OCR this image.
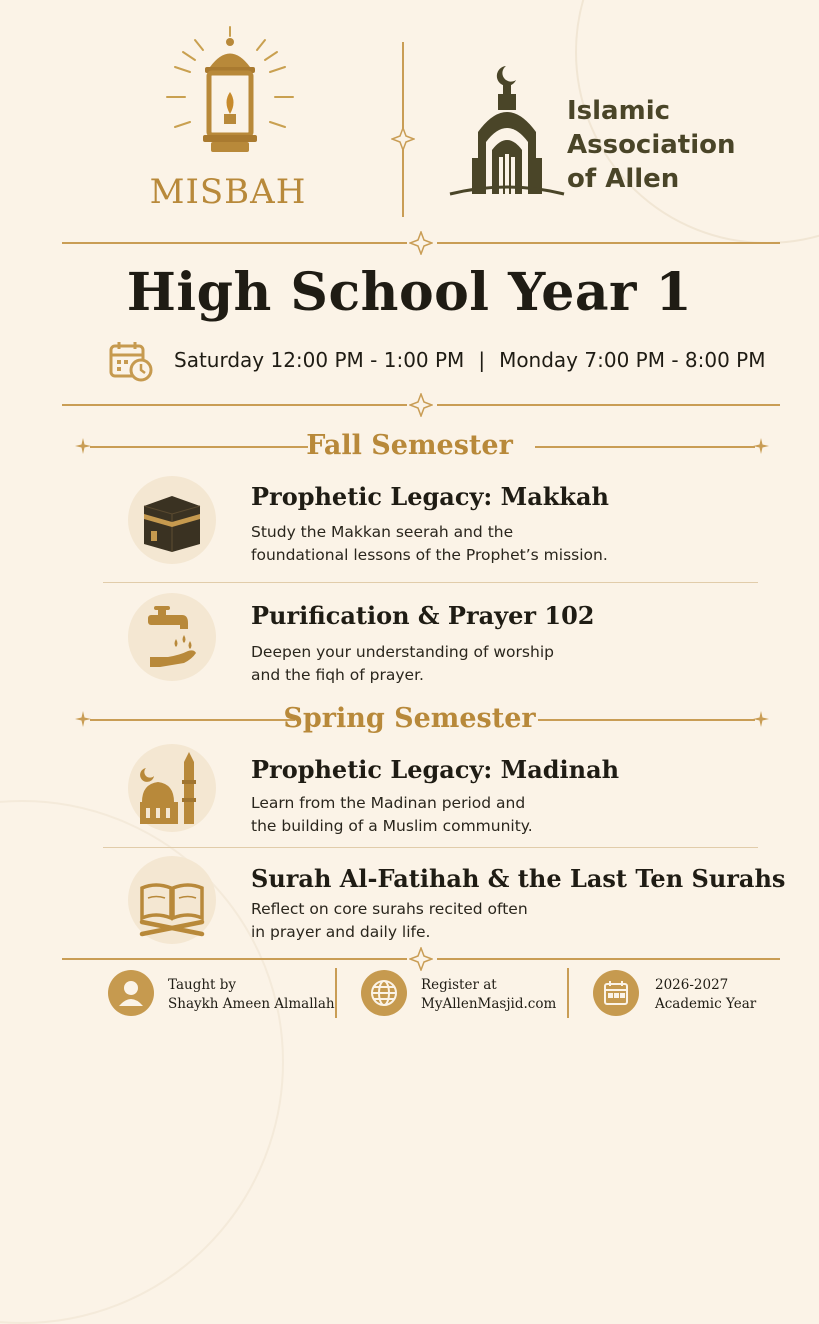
MISBAH
Islamic
Association
of Allen
High School Year 1
Saturday 12:00 PM - 1:00 PM | Monday 7:00 PM - 8:00 PM
Fall Semester
Prophetic Legacy: Makkah
Study the Makkan seerah and the
foundational lessons of the Prophet’s mission.
Purification & Prayer 102
Deepen your understanding of worship
and the fiqh of prayer.
Spring Semester
Prophetic Legacy: Madinah
Learn from the Madinan period and
the building of a Muslim community.
Surah Al-Fatihah & the Last Ten Surahs
Reflect on core surahs recited often
in prayer and daily life.
Taught by
Shaykh Ameen Almallah
Register at
MyAllenMasjid.com
2026-2027
Academic Year
